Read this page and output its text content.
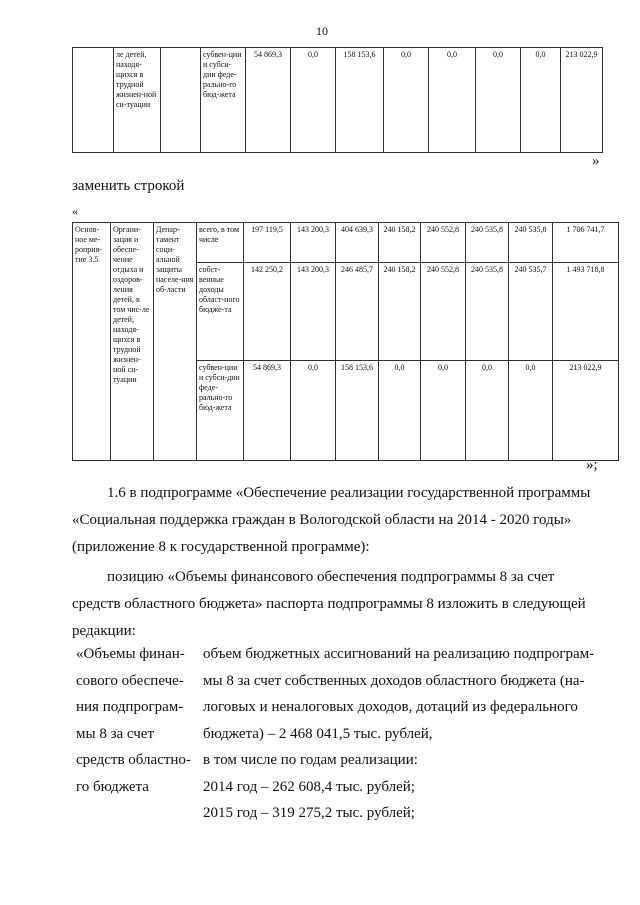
10
	ле детей, находя-щихся в трудной жизнен-ной си-туации		субвен-ции и субси-дии феде-рально-го бюд-жета	54 869,3	0,0	158 153,6	0,0	0,0	0,0	0,0	213 022,9
»
заменить строкой
«
Основ-ное ме-роприя-тие 3.5	Органи-зация и обеспе-чение отдыха и оздоров-ления детей, в том чис-ле детей, находя-щихся в трудной жизнен-ной си-туации	Депар-тамент соци-альной защиты населе-ния об-ласти	всего, в том числе	197 119,5	143 200,3	404 639,3	240 158,2	240 552,8	240 535,8	240 535,8	1 706 741,7
			собст-венные доходы област-ного бюдже-та	142 250,2	143 200,3	246 485,7	240 158,2	240 552,8	240 535,8	240 535,7	1 493 718,8
			субвен-ции и субси-дии феде-рально-го бюд-жета	54 869,3	0,0	158 153,6	0,0	0,0	0,0	0,0	213 022,9
»;
1.6 в подпрограмме «Обеспечение реализации государственной программы
«Социальная поддержка граждан в Вологодской области на 2014 - 2020 годы»
(приложение 8 к государственной программе):
позицию «Объемы финансового обеспечения подпрограммы 8 за счет
средств областного бюджета» паспорта подпрограммы 8 изложить в следующей
редакции:
«Объемы финан-
сового обеспече-
ния подпрограм-
мы 8 за счет
средств областно-
го бюджета
объем бюджетных ассигнований на реализацию подпрограм-
мы 8 за счет собственных доходов областного бюджета (на-
логовых и неналоговых доходов, дотаций из федерального
бюджета) – 2 468 041,5 тыс. рублей,
в том числе по годам реализации:
2014 год – 262 608,4 тыс. рублей;
2015 год – 319 275,2 тыс. рублей;
